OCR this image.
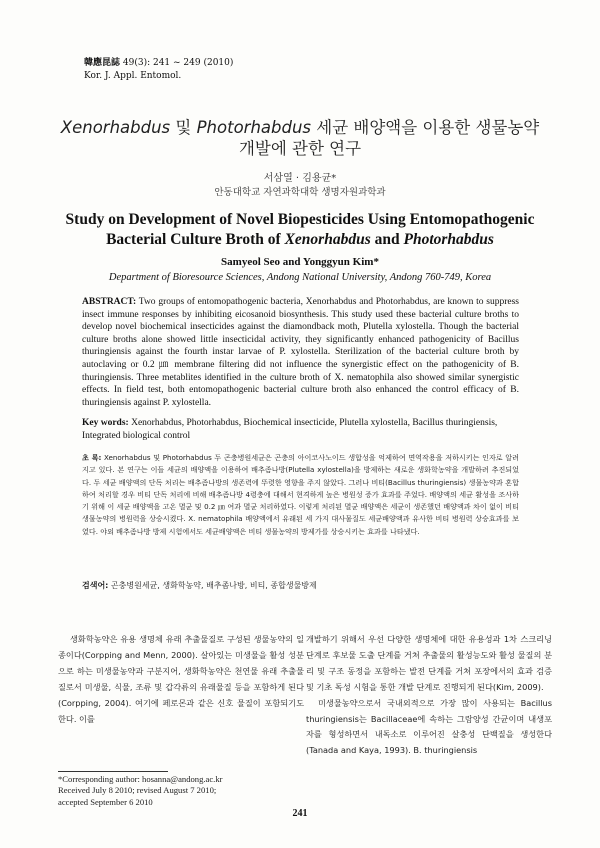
韓應昆誌 49(3): 241 ~ 249 (2010)
Kor. J. Appl. Entomol.
Xenorhabdus 및 Photorhabdus 세균 배양액을 이용한 생물농약
개발에 관한 연구
서삼열 · 김용균*
안동대학교 자연과학대학 생명자원과학과
Study on Development of Novel Biopesticides Using Entomopathogenic
Bacterial Culture Broth of Xenorhabdus and Photorhabdus
Samyeol Seo and Yonggyun Kim*
Department of Bioresource Sciences, Andong National University, Andong 760-749, Korea
ABSTRACT: Two groups of entomopathogenic bacteria, Xenorhabdus and Photorhabdus, are known to suppress insect immune responses by inhibiting eicosanoid biosynthesis. This study used these bacterial culture broths to develop novel biochemical insecticides against the diamondback moth, Plutella xylostella. Though the bacterial culture broths alone showed little insecticidal activity, they significantly enhanced pathogenicity of Bacillus thuringiensis against the fourth instar larvae of P. xylostella. Sterilization of the bacterial culture broth by autoclaving or 0.2 ㎛ membrane filtering did not influence the synergistic effect on the pathogenicity of B. thuringiensis. Three metablites identified in the culture broth of X. nematophila also showed similar synergistic effects. In field test, both entomopathogenic bacterial culture broth also enhanced the control efficacy of B. thuringiensis against P. xylostella.
Key words: Xenorhabdus, Photorhabdus, Biochemical insecticide, Plutella xylostella, Bacillus thuringiensis, Integrated biological control
초 록: Xenorhabdus 및 Photorhabdus 두 곤충병원세균은 곤충의 아이코사노이드 생합성을 억제하여 면역작용을 저하시키는 인자로 알려지고 있다. 본 연구는 이들 세균의 배양액을 이용하여 배추좀나방(Plutella xylostella)을 방제하는 새로운 생화학농약을 개발하려 추진되었다. 두 세균 배양액의 단독 처리는 배추좀나방의 생존력에 뚜렷한 영향을 주지 않았다. 그러나 비티(Bacillus thuringiensis) 생물농약과 혼합하여 처리할 경우 비티 단독 처리에 비해 배추좀나방 4령충에 대해서 현격하게 높은 병원성 증가 효과를 주었다. 배양액의 세균 활성을 조사하기 위해 이 세균 배양액을 고온 멸균 및 0.2 ㎛ 여과 멸균 처리하였다. 이렇게 처리된 멸균 배양액은 세균이 생존했던 배양액과 차이 없이 비티 생물농약의 병원력을 상승시켰다. X. nematophila 배양액에서 유래된 세 가지 대사물질도 세균배양액과 유사한 비티 병원력 상승효과를 보였다. 야외 배추좀나방 방제 시험에서도 세균배양액은 비티 생물농약의 방제가를 상승시키는 효과를 나타냈다.
검색어: 곤충병원세균, 생화학농약, 배추좀나방, 비티, 종합생물방제

생화학농약은 유용 생명체 유래 추출물질로 구성된 생물농약의 일종이다(Corpping and Menn, 2000). 살아있는 미생물을 활성 성분으로 하는 미생물농약과 구분지어, 생화학농약은 천연물 유래 추출물질로서 미생물, 식물, 조류 및 갑각류의 유래물질 등을 포함하게 된다(Corpping, 2004). 여기에 페로몬과 같은 신호 물질이 포함되기도 한다. 이를

개발하기 위해서 우선 다양한 생명체에 대한 유용성과 1차 스크리닝 단계로 후보물 도출 단계를 거쳐 추출물의 활성능도와 활성 물질의 분리 및 구조 동정을 포함하는 발전 단계를 거쳐 포장에서의 효과 검증 및 기초 독성 시험을 통한 개발 단계로 진행되게 된다(Kim, 2009).

미생물농약으로서 국내외적으로 가장 많이 사용되는 Bacillus thuringiensis는 Bacillaceae에 속하는 그람양성 간균이며 내생포자를 형성하면서 내독소로 이루어진 살충성 단백질을 생성한다(Tanada and Kaya, 1993). B. thuringiensis

*Corresponding author: hosanna@andong.ac.kr
Received July 8 2010; revised August 7 2010;
accepted September 6 2010
241
